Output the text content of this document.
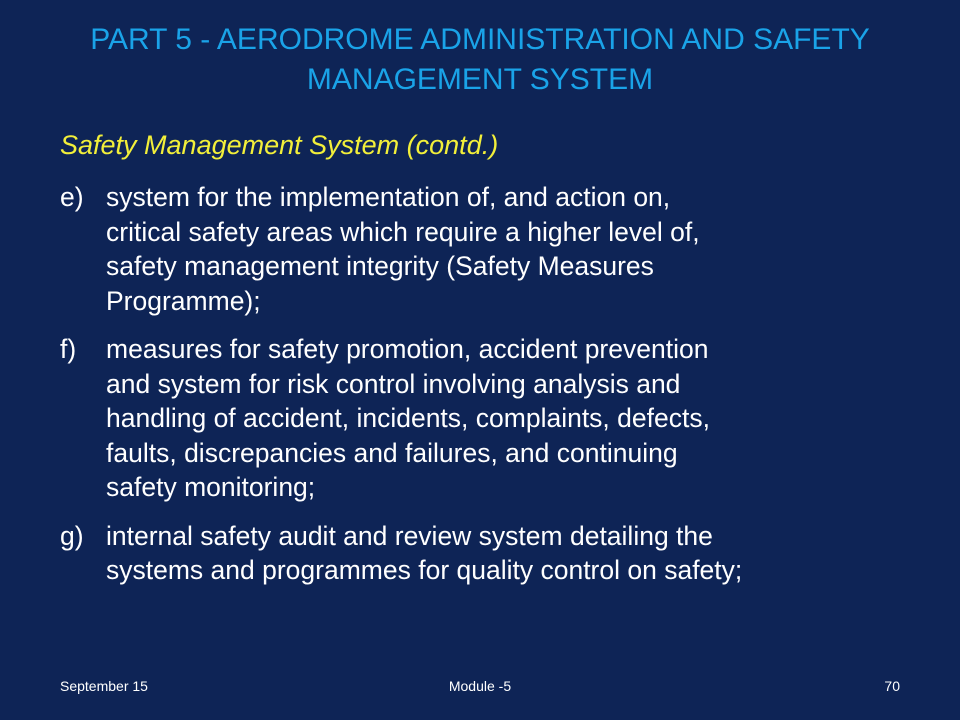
PART 5 - AERODROME ADMINISTRATION AND SAFETY
MANAGEMENT SYSTEM
Safety Management System (contd.)
e) system for the implementation of, and action on,
critical safety areas which require a higher level of,
safety management integrity (Safety Measures
Programme);
f) measures for safety promotion, accident prevention
and system for risk control involving analysis and
handling of accident, incidents, complaints, defects,
faults, discrepancies and failures, and continuing
safety monitoring;
g) internal safety audit and review system detailing the
systems and programmes for quality control on safety;
September 15	Module -5	70
